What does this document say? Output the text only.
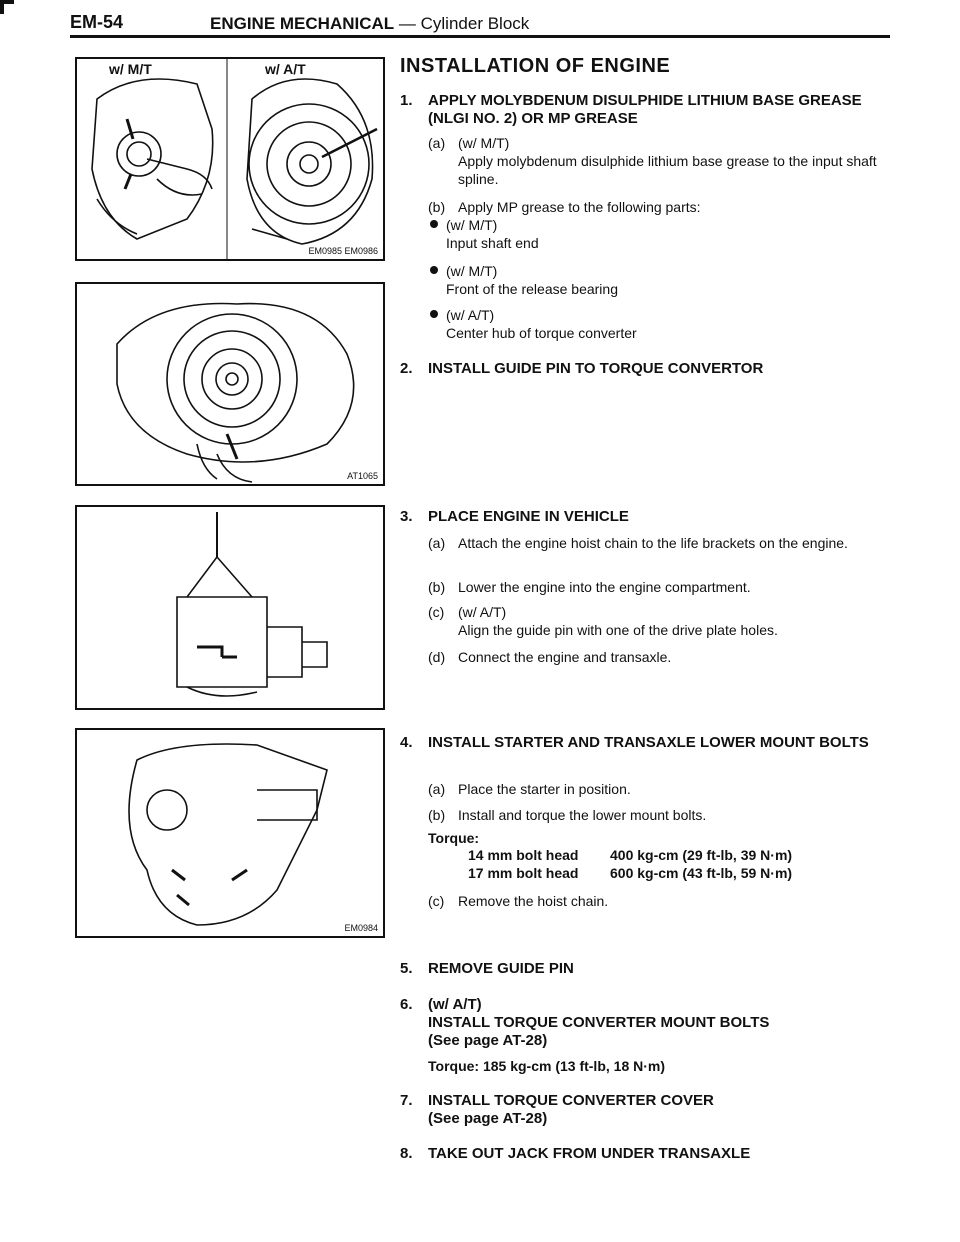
EM-54	ENGINE MECHANICAL — Cylinder Block
w/ M/T	w/ A/T
EM0985 EM0986
AT1065
EM0984
INSTALLATION OF ENGINE
1. APPLY MOLYBDENUM DISULPHIDE LITHIUM BASE GREASE (NLGI NO. 2) OR MP GREASE
(a) (w/ M/T)
Apply molybdenum disulphide lithium base grease to the input shaft spline.
(b) Apply MP grease to the following parts:
(w/ M/T)
Input shaft end
(w/ M/T)
Front of the release bearing
(w/ A/T)
Center hub of torque converter
2. INSTALL GUIDE PIN TO TORQUE CONVERTOR
3. PLACE ENGINE IN VEHICLE
(a) Attach the engine hoist chain to the life brackets on the engine.
(b) Lower the engine into the engine compartment.
(c) (w/ A/T)
Align the guide pin with one of the drive plate holes.
(d) Connect the engine and transaxle.
4. INSTALL STARTER AND TRANSAXLE LOWER MOUNT BOLTS
(a) Place the starter in position.
(b) Install and torque the lower mount bolts.
Torque:
14 mm bolt head	400 kg-cm (29 ft-lb, 39 N·m)
17 mm bolt head	600 kg-cm (43 ft-lb, 59 N·m)
(c) Remove the hoist chain.
5. REMOVE GUIDE PIN
6. (w/ A/T)
INSTALL TORQUE CONVERTER MOUNT BOLTS
(See page AT-28)
Torque: 185 kg-cm (13 ft-lb, 18 N·m)
7. INSTALL TORQUE CONVERTER COVER
(See page AT-28)
8. TAKE OUT JACK FROM UNDER TRANSAXLE
